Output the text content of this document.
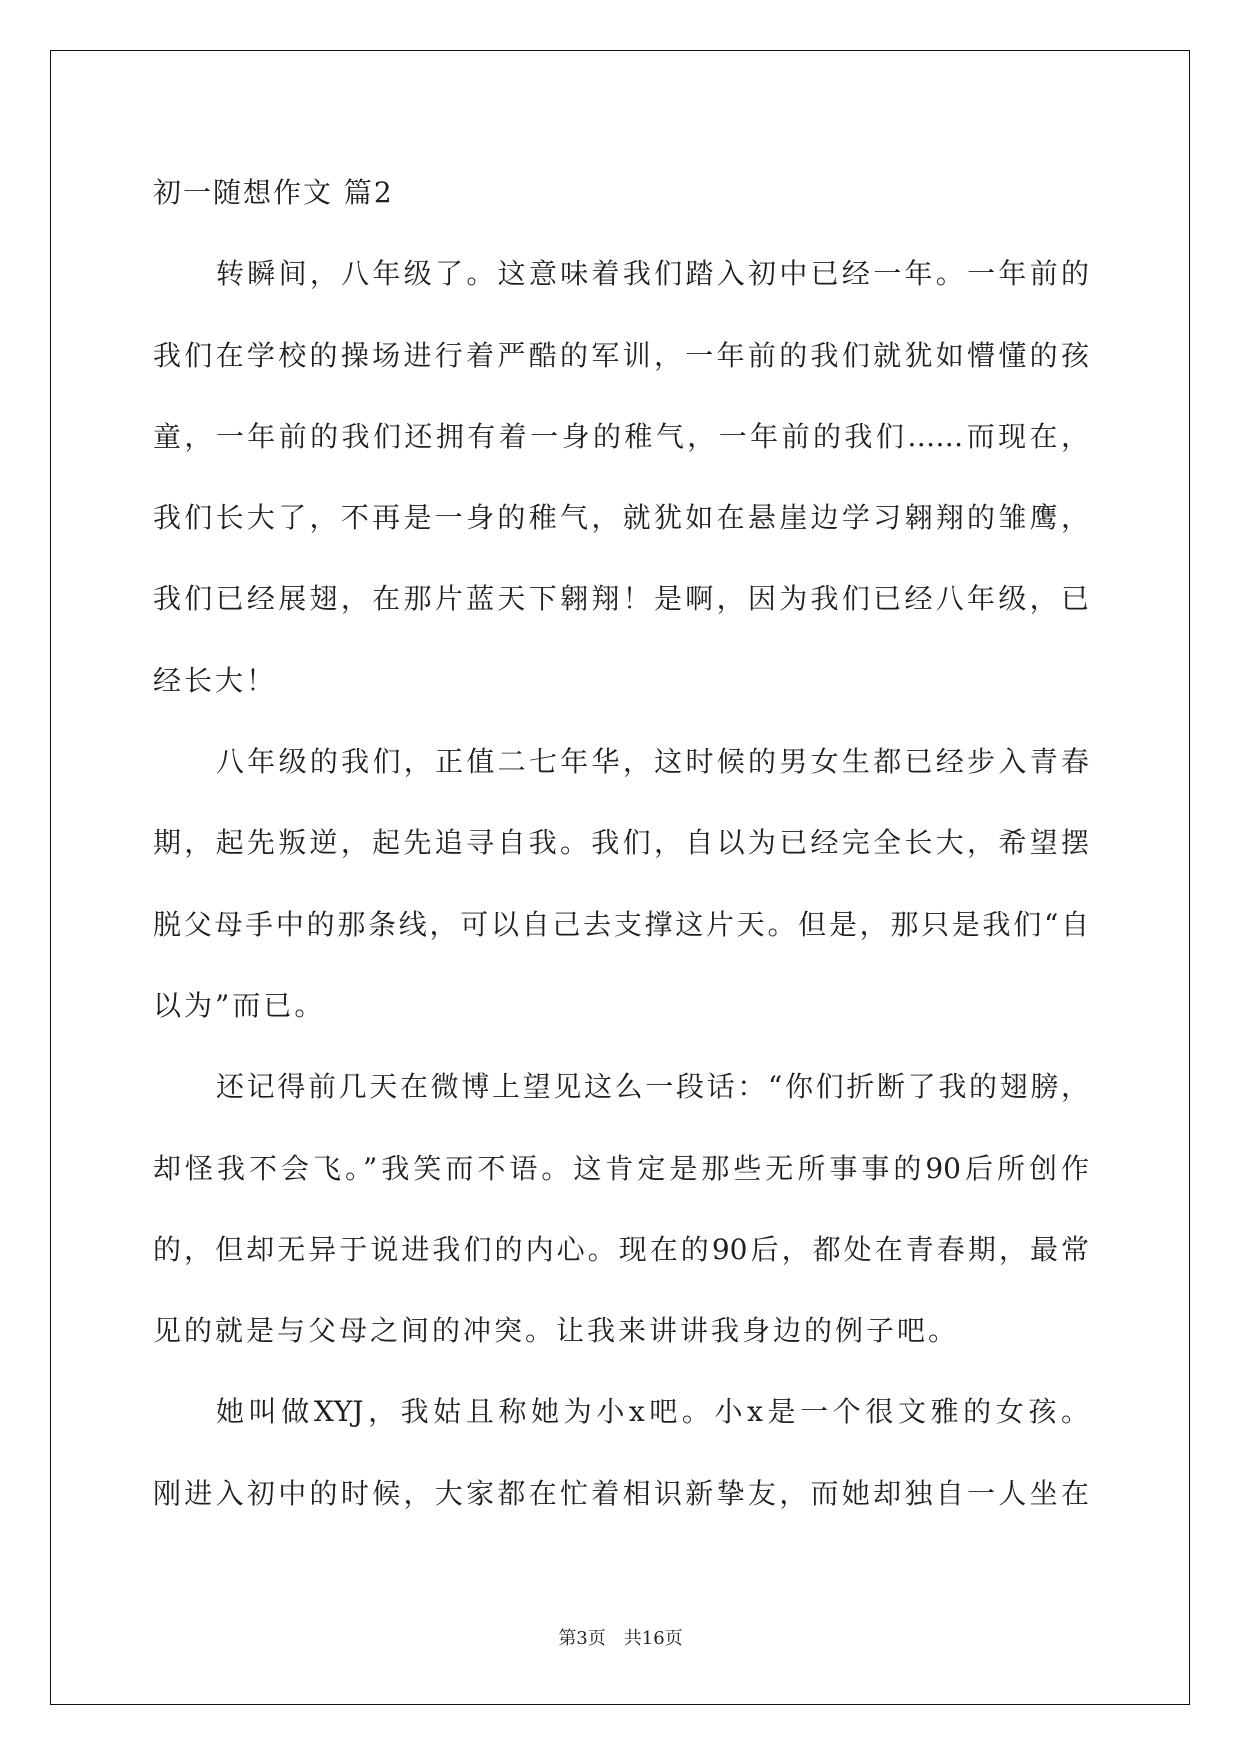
初一随想作文 篇2
转瞬间，八年级了。这意味着我们踏入初中已经一年。一年前的
我们在学校的操场进行着严酷的军训，一年前的我们就犹如懵懂的孩
童，一年前的我们还拥有着一身的稚气，一年前的我们……而现在，
我们长大了，不再是一身的稚气，就犹如在悬崖边学习翱翔的雏鹰，
我们已经展翅，在那片蓝天下翱翔！是啊，因为我们已经八年级，已
经长大！
八年级的我们，正值二七年华，这时候的男女生都已经步入青春
期，起先叛逆，起先追寻自我。我们，自以为已经完全长大，希望摆
脱父母手中的那条线，可以自己去支撑这片天。但是，那只是我们“自
以为”而已。
还记得前几天在微博上望见这么一段话：“你们折断了我的翅膀，
却怪我不会飞。”我笑而不语。这肯定是那些无所事事的90后所创作
的，但却无异于说进我们的内心。现在的90后，都处在青春期，最常
见的就是与父母之间的冲突。让我来讲讲我身边的例子吧。
她叫做XYJ，我姑且称她为小x吧。小x是一个很文雅的女孩。
刚进入初中的时候，大家都在忙着相识新挚友，而她却独自一人坐在
第3页　共16页
